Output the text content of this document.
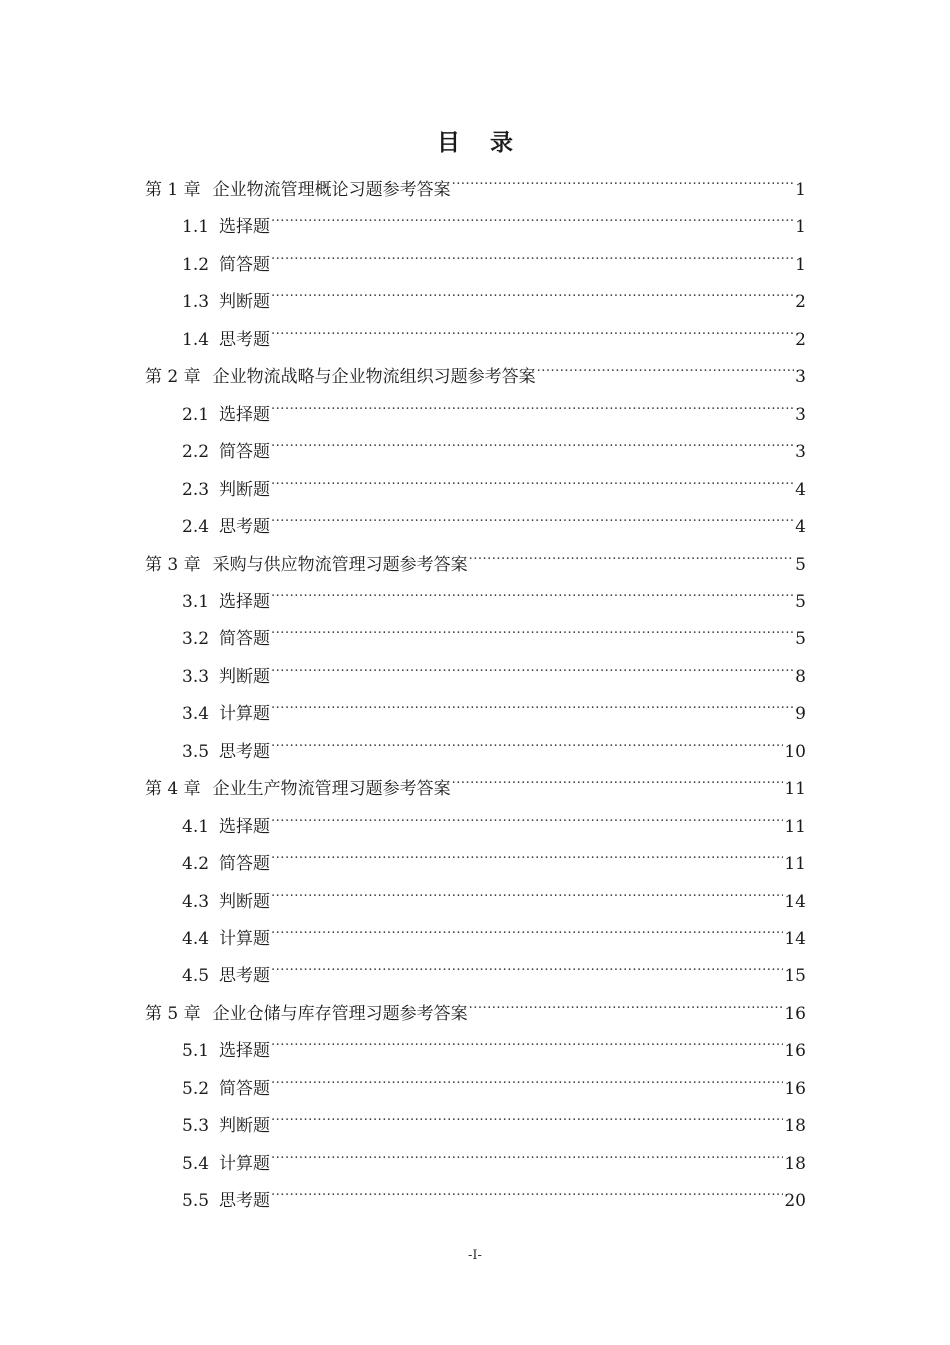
目 录
第 1 章 企业物流管理概论习题参考答案 .....	1
1.1 选择题 .....	1
1.2 简答题 .....	1
1.3 判断题 .....	2
1.4 思考题 .....	2
第 2 章 企业物流战略与企业物流组织习题参考答案 .....	3
2.1 选择题 .....	3
2.2 简答题 .....	3
2.3 判断题 .....	4
2.4 思考题 .....	4
第 3 章 采购与供应物流管理习题参考答案 .....	5
3.1 选择题 .....	5
3.2 简答题 .....	5
3.3 判断题 .....	8
3.4 计算题 .....	9
3.5 思考题 .....	10
第 4 章 企业生产物流管理习题参考答案 .....	11
4.1 选择题 .....	11
4.2 简答题 .....	11
4.3 判断题 .....	14
4.4 计算题 .....	14
4.5 思考题 .....	15
第 5 章 企业仓储与库存管理习题参考答案 .....	16
5.1 选择题 .....	16
5.2 简答题 .....	16
5.3 判断题 .....	18
5.4 计算题 .....	18
5.5 思考题 .....	20
-I-
